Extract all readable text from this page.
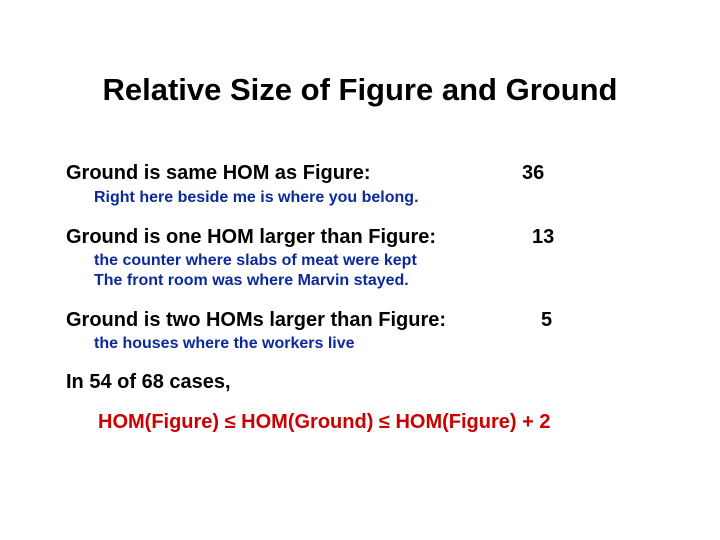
Relative Size of Figure and Ground
Ground is same HOM as Figure:	36
Right here beside me is where you belong.
Ground is one HOM larger than Figure:	13
the counter where slabs of meat were kept
The front room was where Marvin stayed.
Ground is two HOMs larger than Figure:	5
the houses where the workers live
In 54 of 68 cases,
HOM(Figure) ≤ HOM(Ground) ≤ HOM(Figure) + 2
